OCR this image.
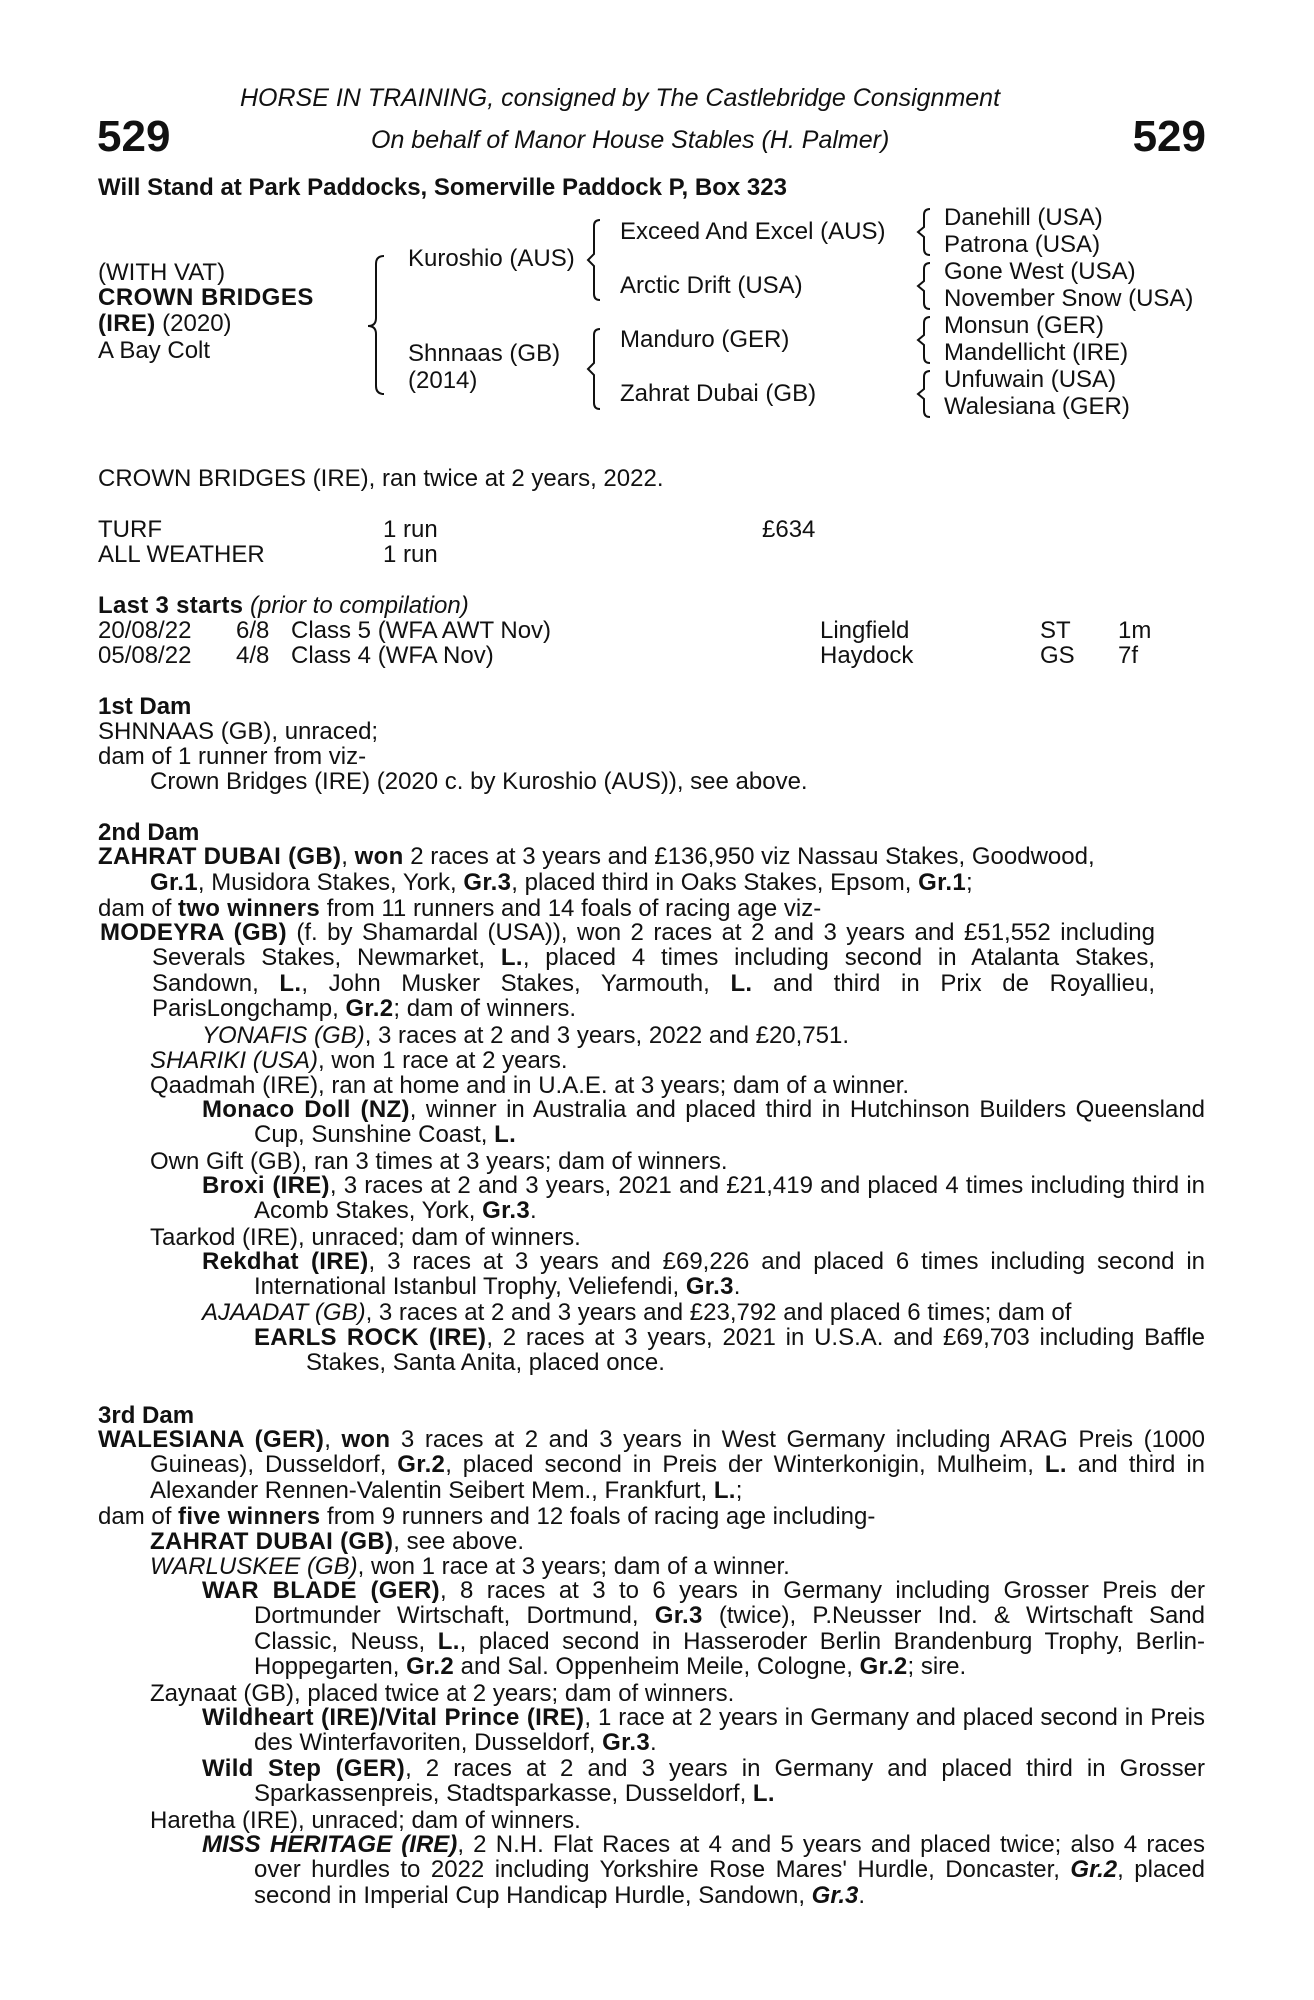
529	529
HORSE IN TRAINING, consigned by The Castlebridge Consignment
On behalf of Manor House Stables (H. Palmer)
Will Stand at Park Paddocks, Somerville Paddock P, Box 323
(WITH VAT)
CROWN BRIDGES
(IRE) (2020)
A Bay Colt
Kuroshio (AUS)
Shnnaas (GB)
(2014)
Exceed And Excel (AUS)
Arctic Drift (USA)
Manduro (GER)
Zahrat Dubai (GB)
Danehill (USA)
Patrona (USA)
Gone West (USA)
November Snow (USA)
Monsun (GER)
Mandellicht (IRE)
Unfuwain (USA)
Walesiana (GER)
CROWN BRIDGES (IRE), ran twice at 2 years, 2022.
TURF	1 run	£634
ALL WEATHER	1 run
Last 3 starts (prior to compilation)
20/08/22 6/8 Class 5 (WFA AWT Nov)	Lingfield	ST 1m
05/08/22 4/8 Class 4 (WFA Nov)	Haydock	GS 7f
1st Dam
SHNNAAS (GB), unraced;
dam of 1 runner from viz-
Crown Bridges (IRE) (2020 c. by Kuroshio (AUS)), see above.
2nd Dam
ZAHRAT DUBAI (GB), won 2 races at 3 years and £136,950 viz Nassau Stakes, Goodwood,
Gr.1, Musidora Stakes, York, Gr.3, placed third in Oaks Stakes, Epsom, Gr.1;
dam of two winners from 11 runners and 14 foals of racing age viz-
MODEYRA (GB) (f. by Shamardal (USA)), won 2 races at 2 and 3 years and £51,552 including Severals Stakes, Newmarket, L., placed 4 times including second in Atalanta Stakes, Sandown, L., John Musker Stakes, Yarmouth, L. and third in Prix de Royallieu, ParisLongchamp, Gr.2; dam of winners.
YONAFIS (GB), 3 races at 2 and 3 years, 2022 and £20,751.
SHARIKI (USA), won 1 race at 2 years.
Qaadmah (IRE), ran at home and in U.A.E. at 3 years; dam of a winner.
Monaco Doll (NZ), winner in Australia and placed third in Hutchinson Builders Queensland Cup, Sunshine Coast, L.
Own Gift (GB), ran 3 times at 3 years; dam of winners.
Broxi (IRE), 3 races at 2 and 3 years, 2021 and £21,419 and placed 4 times including third in Acomb Stakes, York, Gr.3.
Taarkod (IRE), unraced; dam of winners.
Rekdhat (IRE), 3 races at 3 years and £69,226 and placed 6 times including second in International Istanbul Trophy, Veliefendi, Gr.3.
AJAADAT (GB), 3 races at 2 and 3 years and £23,792 and placed 6 times; dam of
EARLS ROCK (IRE), 2 races at 3 years, 2021 in U.S.A. and £69,703 including Baffle Stakes, Santa Anita, placed once.
3rd Dam
WALESIANA (GER), won 3 races at 2 and 3 years in West Germany including ARAG Preis (1000 Guineas), Dusseldorf, Gr.2, placed second in Preis der Winterkonigin, Mulheim, L. and third in Alexander Rennen-Valentin Seibert Mem., Frankfurt, L.;
dam of five winners from 9 runners and 12 foals of racing age including-
ZAHRAT DUBAI (GB), see above.
WARLUSKEE (GB), won 1 race at 3 years; dam of a winner.
WAR BLADE (GER), 8 races at 3 to 6 years in Germany including Grosser Preis der Dortmunder Wirtschaft, Dortmund, Gr.3 (twice), P.Neusser Ind. & Wirtschaft Sand Classic, Neuss, L., placed second in Hasseroder Berlin Brandenburg Trophy, Berlin-Hoppegarten, Gr.2 and Sal. Oppenheim Meile, Cologne, Gr.2; sire.
Zaynaat (GB), placed twice at 2 years; dam of winners.
Wildheart (IRE)/Vital Prince (IRE), 1 race at 2 years in Germany and placed second in Preis des Winterfavoriten, Dusseldorf, Gr.3.
Wild Step (GER), 2 races at 2 and 3 years in Germany and placed third in Grosser Sparkassenpreis, Stadtsparkasse, Dusseldorf, L.
Haretha (IRE), unraced; dam of winners.
MISS HERITAGE (IRE), 2 N.H. Flat Races at 4 and 5 years and placed twice; also 4 races over hurdles to 2022 including Yorkshire Rose Mares' Hurdle, Doncaster, Gr.2, placed second in Imperial Cup Handicap Hurdle, Sandown, Gr.3.
